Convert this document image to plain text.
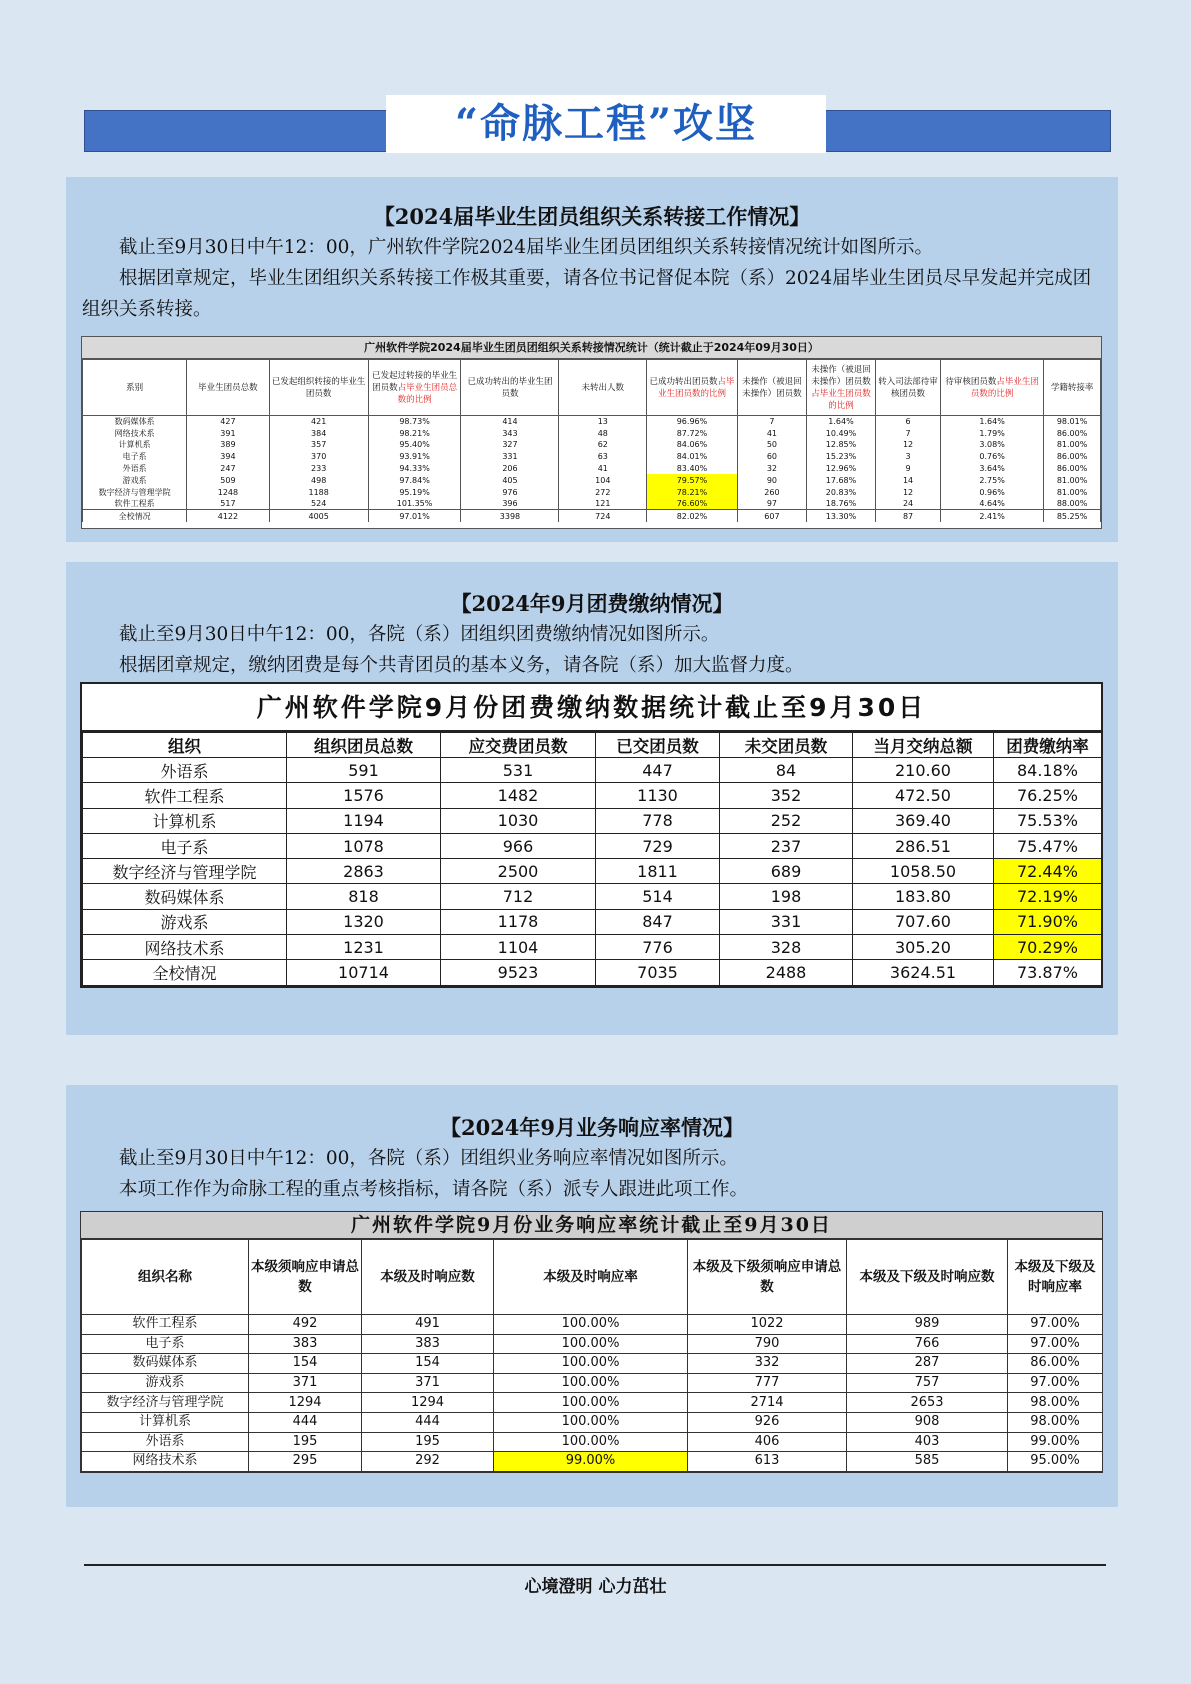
“命脉工程”攻坚
【2024届毕业生团员组织关系转接工作情况】
截止至9月30日中午12：00，广州软件学院2024届毕业生团员团组织关系转接情况统计如图所示。
根据团章规定，毕业生团组织关系转接工作极其重要，请各位书记督促本院（系）2024届毕业生团员尽早发起并完成团组织关系转接。
广州软件学院2024届毕业生团员团组织关系转接情况统计（统计截止于2024年09月30日）
系别	毕业生团员总数	已发起组织转接的毕业生团员数	已发起过转接的毕业生团员数占毕业生团员总数的比例	已成功转出的毕业生团员数	未转出人数	已成功转出团员数占毕业生团员数的比例	未操作（被退回未操作）团员数	未操作（被退回未操作）团员数占毕业生团员数的比例	转入司法部待审核团员数	待审核团员数占毕业生团员数的比例	学籍转接率
数码媒体系	427	421	98.73%	414	13	96.96%	7	1.64%	6	1.64%	98.01%
网络技术系	391	384	98.21%	343	48	87.72%	41	10.49%	7	1.79%	86.00%
计算机系	389	357	95.40%	327	62	84.06%	50	12.85%	12	3.08%	81.00%
电子系	394	370	93.91%	331	63	84.01%	60	15.23%	3	0.76%	86.00%
外语系	247	233	94.33%	206	41	83.40%	32	12.96%	9	3.64%	86.00%
游戏系	509	498	97.84%	405	104	79.57%	90	17.68%	14	2.75%	81.00%
数字经济与管理学院	1248	1188	95.19%	976	272	78.21%	260	20.83%	12	0.96%	81.00%
软件工程系	517	524	101.35%	396	121	76.60%	97	18.76%	24	4.64%	88.00%
全校情况	4122	4005	97.01%	3398	724	82.02%	607	13.30%	87	2.41%	85.25%
【2024年9月团费缴纳情况】
截止至9月30日中午12：00，各院（系）团组织团费缴纳情况如图所示。
根据团章规定，缴纳团费是每个共青团员的基本义务，请各院（系）加大监督力度。
广州软件学院9月份团费缴纳数据统计截止至9月30日
组织	组织团员总数	应交费团员数	已交团员数	未交团员数	当月交纳总额	团费缴纳率
外语系	591	531	447	84	210.60	84.18%
软件工程系	1576	1482	1130	352	472.50	76.25%
计算机系	1194	1030	778	252	369.40	75.53%
电子系	1078	966	729	237	286.51	75.47%
数字经济与管理学院	2863	2500	1811	689	1058.50	72.44%
数码媒体系	818	712	514	198	183.80	72.19%
游戏系	1320	1178	847	331	707.60	71.90%
网络技术系	1231	1104	776	328	305.20	70.29%
全校情况	10714	9523	7035	2488	3624.51	73.87%
【2024年9月业务响应率情况】
截止至9月30日中午12：00，各院（系）团组织业务响应率情况如图所示。
本项工作作为命脉工程的重点考核指标，请各院（系）派专人跟进此项工作。
广州软件学院9月份业务响应率统计截止至9月30日
组织名称	本级须响应申请总数	本级及时响应数	本级及时响应率	本级及下级须响应申请总数	本级及下级及时响应数	本级及下级及时响应率
软件工程系	492	491	100.00%	1022	989	97.00%
电子系	383	383	100.00%	790	766	97.00%
数码媒体系	154	154	100.00%	332	287	86.00%
游戏系	371	371	100.00%	777	757	97.00%
数字经济与管理学院	1294	1294	100.00%	2714	2653	98.00%
计算机系	444	444	100.00%	926	908	98.00%
外语系	195	195	100.00%	406	403	99.00%
网络技术系	295	292	99.00%	613	585	95.00%
心境澄明 心力茁壮
